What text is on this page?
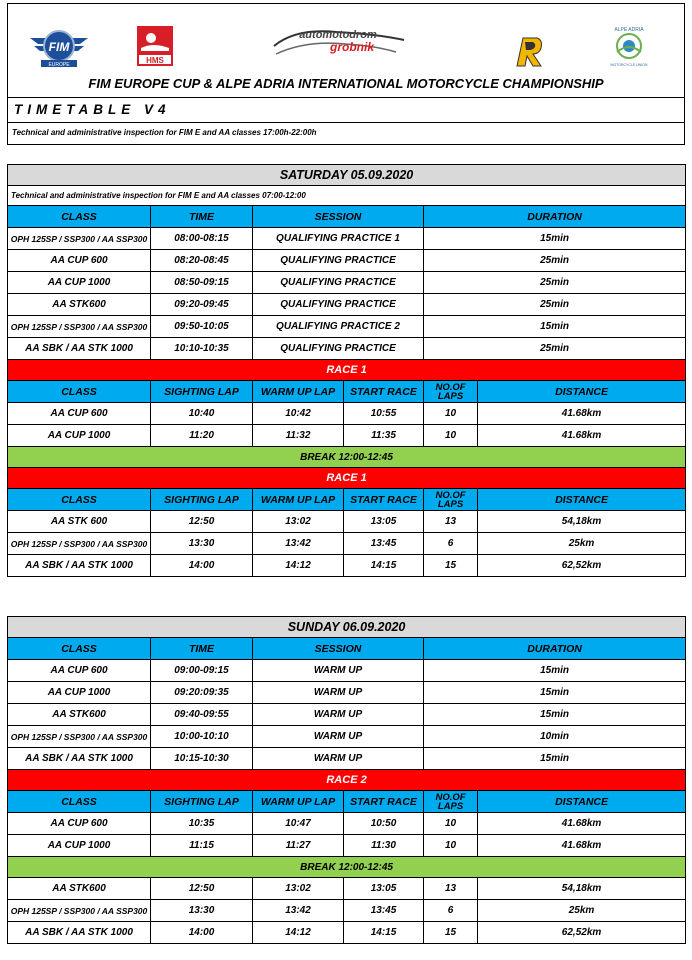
FIM
EUROPE	HMS
automotodrom
grobnik
ALPE ADRIA
MOTORCYCLE UNION
FIM EUROPE CUP & ALPE ADRIA INTERNATIONAL MOTORCYCLE CHAMPIONSHIP
TIMETABLE V4
Technical and administrative inspection for FIM E and AA classes 17:00h-22:00h
SATURDAY 05.09.2020					
Technical and administrative inspection for FIM E and AA classes 07:00-12:00					
CLASS	TIME	SESSION		DURATION	
OPH 125SP / SSP300 / AA SSP300	08:00-08:15	QUALIFYING PRACTICE 1		15min	
AA CUP 600	08:20-08:45	QUALIFYING PRACTICE		25min	
AA CUP 1000	08:50-09:15	QUALIFYING PRACTICE		25min	
AA STK600	09:20-09:45	QUALIFYING PRACTICE		25min	
OPH 125SP / SSP300 / AA SSP300	09:50-10:05	QUALIFYING PRACTICE 2		15min	
AA SBK / AA STK 1000	10:10-10:35	QUALIFYING PRACTICE		25min	
RACE 1					
CLASS	SIGHTING LAP	WARM UP LAP	START RACE	NO.OF LAPS	DISTANCE
AA CUP 600	10:40	10:42	10:55	10	41.68km
AA CUP 1000	11:20	11:32	11:35	10	41.68km
BREAK 12:00-12:45					
RACE 1					
CLASS	SIGHTING LAP	WARM UP LAP	START RACE	NO.OF LAPS	DISTANCE
AA STK 600	12:50	13:02	13:05	13	54,18km
OPH 125SP / SSP300 / AA SSP300	13:30	13:42	13:45	6	25km
AA SBK / AA STK 1000	14:00	14:12	14:15	15	62,52km
SUNDAY 06.09.2020					
CLASS	TIME	SESSION		DURATION	
AA CUP 600	09:00-09:15	WARM UP		15min	
AA CUP 1000	09:20:09:35	WARM UP		15min	
AA STK600	09:40-09:55	WARM UP		15min	
OPH 125SP / SSP300 / AA SSP300	10:00-10:10	WARM UP		10min	
AA SBK / AA STK 1000	10:15-10:30	WARM UP		15min	
RACE 2					
CLASS	SIGHTING LAP	WARM UP LAP	START RACE	NO.OF LAPS	DISTANCE
AA CUP 600	10:35	10:47	10:50	10	41.68km
AA CUP 1000	11:15	11:27	11:30	10	41.68km
BREAK 12:00-12:45					
AA STK600	12:50	13:02	13:05	13	54,18km
OPH 125SP / SSP300 / AA SSP300	13:30	13:42	13:45	6	25km
AA SBK / AA STK 1000	14:00	14:12	14:15	15	62,52km
